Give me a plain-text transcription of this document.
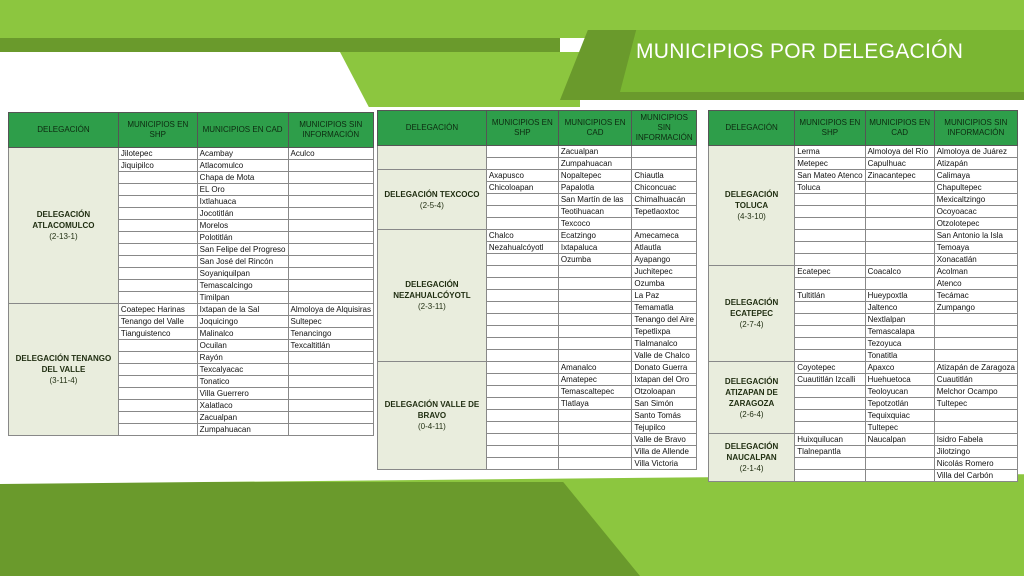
MUNICIPIOS POR DELEGACIÓN
DELEGACIÓN	MUNICIPIOS EN SHP	MUNICIPIOS EN CAD	MUNICIPIOS SIN INFORMACIÓN

DELEGACIÓN ATLACOMULCO
(2-13-1)	Jilotepec	Acambay	Aculco
	Jiquipilco	Atlacomulco	
		Chapa de Mota	
		EL Oro	
		Ixtlahuaca	
		Jocotitlán	
		Morelos	
		Polotitlán	
		San Felipe del Progreso	
		San José del Rincón	
		Soyaniquilpan	
		Temascalcingo	
		Timilpan	

DELEGACIÓN TENANGO DEL VALLE
(3-11-4)	Coatepec Harinas	Ixtapan de la Sal	Almoloya de Alquisiras
	Tenango del Valle	Joquicingo	Sultepec
	Tianguistenco	Malinalco	Tenancingo
		Ocuilan	Texcaltitlán
		Rayón	
		Texcalyacac	
		Tonatico	
		Villa Guerrero	
		Xalatlaco	
		Zacualpan	
		Zumpahuacan	
DELEGACIÓN	MUNICIPIOS EN SHP	MUNICIPIOS EN CAD	MUNICIPIOS SIN INFORMACIÓN

		Zacualpan	
		Zumpahuacan	

DELEGACIÓN TEXCOCO
(2-5-4)	Axapusco	Nopaltepec	Chiautla
	Chicoloapan	Papalotla	Chiconcuac
		San Martín de las	Chimalhuacán
		Teotihuacan	Tepetlaoxtoc
		Texcoco	

DELEGACIÓN NEZAHUALCÓYOTL
(2-3-11)	Chalco	Ecatzingo	Amecameca
	Nezahualcóyotl	Ixtapaluca	Atlautla
		Ozumba	Ayapango
			Juchitepec
			Ozumba
			La Paz
			Temamatla
			Tenango del Aire
			Tepetlixpa
			Tlalmanalco
			Valle de Chalco

DELEGACIÓN VALLE DE BRAVO
(0-4-11)		Amanalco	Donato Guerra
		Amatepec	Ixtapan del Oro
		Temascaltepec	Otzoloapan
		Tlatlaya	San Simón
			Santo Tomás
			Tejupilco
			Valle de Bravo
			Villa de Allende
			Villa Victoria
DELEGACIÓN	MUNICIPIOS EN SHP	MUNICIPIOS EN CAD	MUNICIPIOS SIN INFORMACIÓN

DELEGACIÓN TOLUCA
(4-3-10)	Lerma	Almoloya del Río	Almoloya de Juárez
	Metepec	Capulhuac	Atizapán
	San Mateo Atenco	Zinacantepec	Calimaya
	Toluca		Chapultepec
			Mexicaltzingo
			Ocoyoacac
			Otzolotepec
			San Antonio la Isla
			Temoaya
			Xonacatlán

DELEGACIÓN ECATEPEC
(2-7-4)	Ecatepec	Coacalco	Acolman
			Atenco
	Tultitlán	Hueypoxtla	Tecámac
		Jaltenco	Zumpango
		Nextlalpan	
		Temascalapa	
		Tezoyuca	
		Tonatitla	

DELEGACIÓN ATIZAPAN DE ZARAGOZA
(2-6-4)	Coyotepec	Apaxco	Atizapán de Zaragoza
	Cuautitlán Izcalli	Huehuetoca	Cuautitlán
		Teoloyucan	Melchor Ocampo
		Tepotzotlán	Tultepec
		Tequixquiac	
		Tultepec	

DELEGACIÓN NAUCALPAN
(2-1-4)	Huixquilucan	Naucalpan	Isidro Fabela
	Tlalnepantla		Jilotzingo
			Nicolás Romero
			Villa del Carbón
